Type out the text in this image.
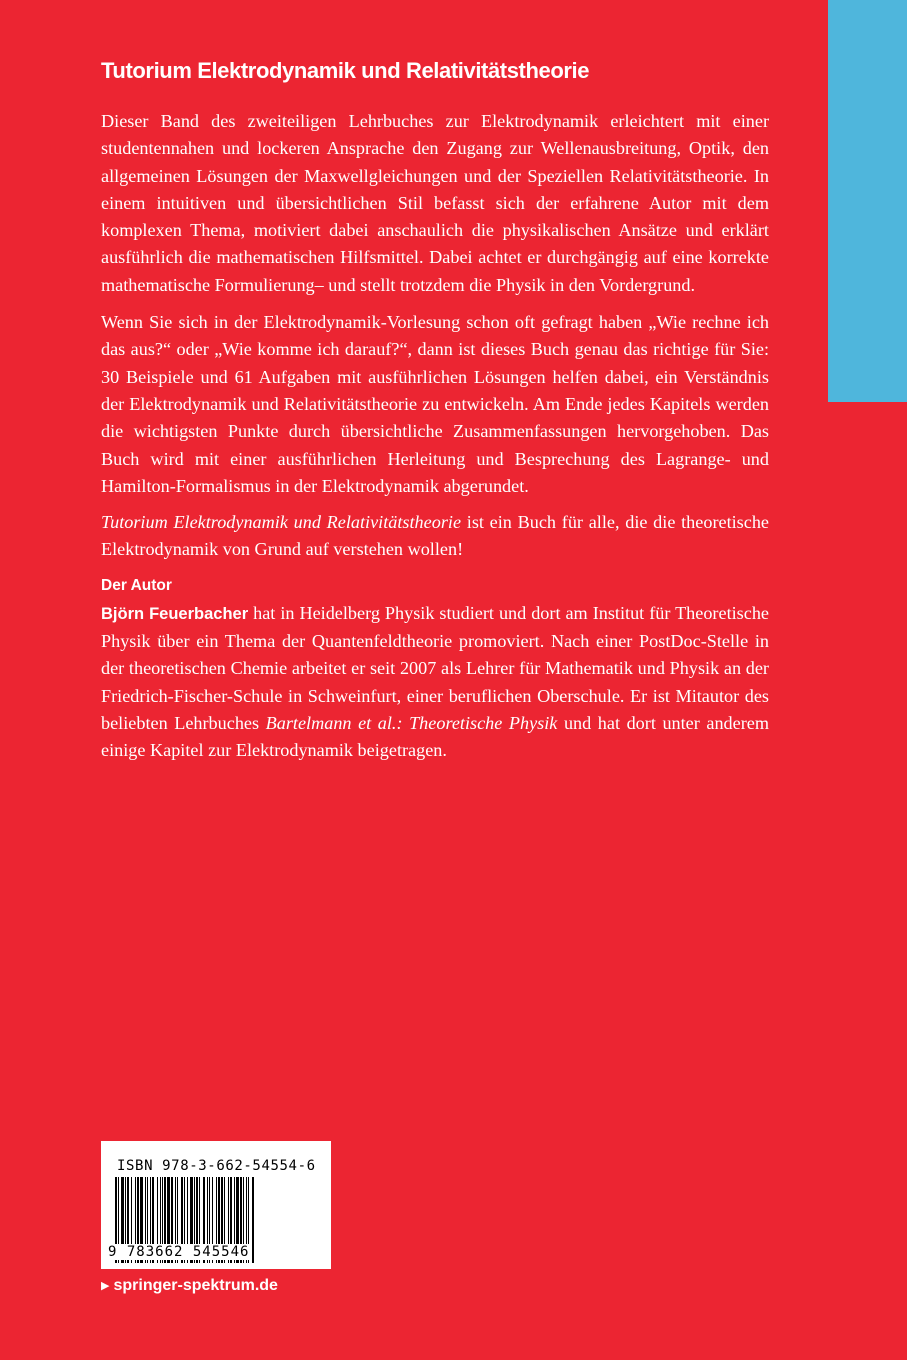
Tutorium Elektrodynamik und Relativitätstheorie

Dieser Band des zweiteiligen Lehrbuches zur Elektrodynamik erleichtert mit einer studentennahen und lockeren Ansprache den Zugang zur Wellenausbreitung, Optik, den allgemeinen Lösungen der Maxwellgleichungen und der Speziellen Relativitätstheorie. In einem intuitiven und übersichtlichen Stil befasst sich der erfahrene Autor mit dem komplexen Thema, motiviert dabei anschaulich die physikalischen Ansätze und erklärt ausführlich die mathematischen Hilfsmittel. Dabei achtet er durchgängig auf eine korrekte mathematische Formulierung– und stellt trotzdem die Physik in den Vordergrund.

Wenn Sie sich in der Elektrodynamik-Vorlesung schon oft gefragt haben „Wie rechne ich das aus?“ oder „Wie komme ich darauf?“, dann ist dieses Buch genau das richtige für Sie: 30 Beispiele und 61 Aufgaben mit ausführlichen Lösungen helfen dabei, ein Verständnis der Elektrodynamik und Relativitätstheorie zu entwickeln. Am Ende jedes Kapitels werden die wichtigsten Punkte durch übersichtliche Zusammenfassungen hervorgehoben. Das Buch wird mit einer ausführlichen Herleitung und Besprechung des Lagrange- und Hamilton-Formalismus in der Elektrodynamik abgerundet.

Tutorium Elektrodynamik und Relativitätstheorie ist ein Buch für alle, die die theoretische Elektrodynamik von Grund auf verstehen wollen!

Der Autor

Björn Feuerbacher hat in Heidelberg Physik studiert und dort am Institut für Theoretische Physik über ein Thema der Quantenfeldtheorie promoviert. Nach einer PostDoc-Stelle in der theoretischen Chemie arbeitet er seit 2007 als Lehrer für Mathematik und Physik an der Friedrich-Fischer-Schule in Schweinfurt, einer beruflichen Oberschule. Er ist Mitautor des beliebten Lehrbuches Bartelmann et al.: Theoretische Physik und hat dort unter anderem einige Kapitel zur Elektrodynamik beigetragen.

ISBN 978-3-662-54554-6
9 783662 545546
▶ springer-spektrum.de
